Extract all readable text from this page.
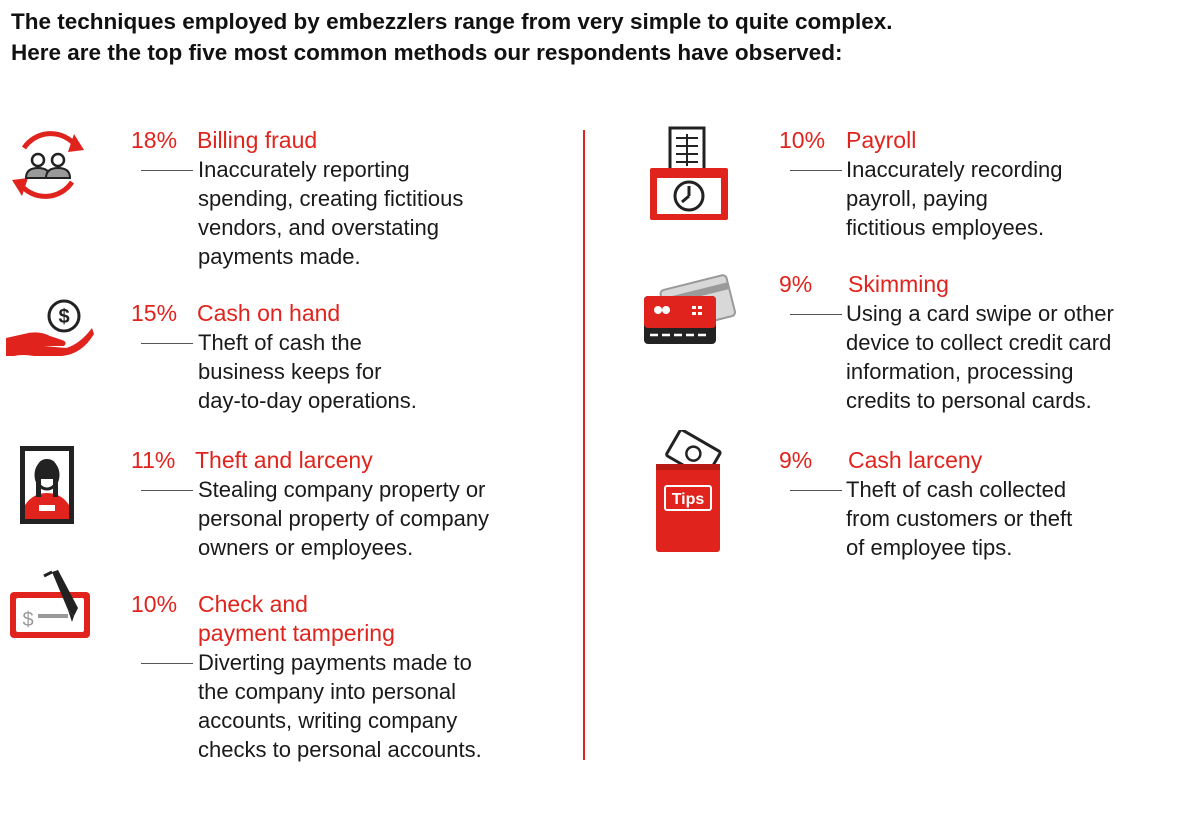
The techniques employed by embezzlers range from very simple to quite complex.
Here are the top five most common methods our respondents have observed:
18% Billing fraud
Inaccurately reporting
spending, creating fictitious
vendors, and overstating
payments made.
$	15% Cash on hand
Theft of cash the
business keeps for
day-to-day operations.
11% Theft and larceny
Stealing company property or
personal property of company
owners or employees.
$
10% Check and
payment tampering
Diverting payments made to
the company into personal
accounts, writing company
checks to personal accounts.
10% Payroll
Inaccurately recording
payroll, paying
fictitious employees.
9% Skimming
Using a card swipe or other
device to collect credit card
information, processing
credits to personal cards.
Tips
9% Cash larceny
Theft of cash collected
from customers or theft
of employee tips.
